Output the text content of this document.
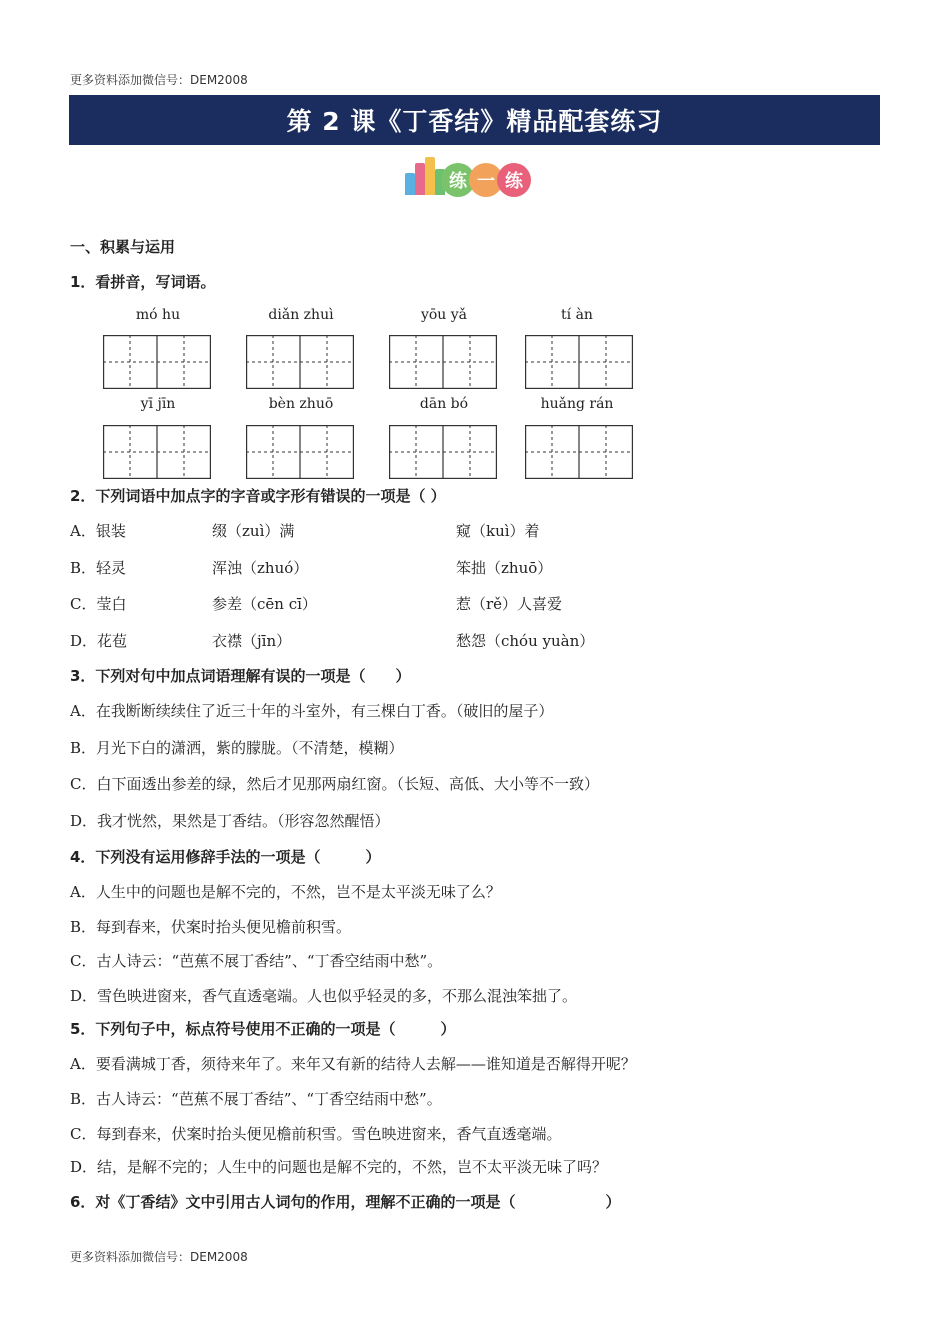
更多资料添加微信号：DEM2008
第 2 课《丁香结》精品配套练习
练 一 练
一、积累与运用
1．看拼音，写词语。
mó hu	diǎn zhuì	yōu yǎ	tí àn
yī jīn	bèn zhuō	dān bó	huǎng rán
2．下列词语中加点字的字音或字形有错误的一项是（ ）
A．银装	缀（zuì）满	窥（kuì）着
B．轻灵	浑浊（zhuó）	笨拙（zhuō）
C．莹白	参差（cēn cī）	惹（rě）人喜爱
D．花苞	衣襟（jīn）	愁怨（chóu yuàn）
3．下列对句中加点词语理解有误的一项是（　　）
A．在我断断续续住了近三十年的斗室外，有三棵白丁香。（破旧的屋子）
B．月光下白的潇洒，紫的朦胧。（不清楚，模糊）
C．白下面透出参差的绿，然后才见那两扇红窗。（长短、高低、大小等不一致）
D．我才恍然，果然是丁香结。（形容忽然醒悟）
4．下列没有运用修辞手法的一项是（　　　）
A．人生中的问题也是解不完的，不然，岂不是太平淡无味了么？
B．每到春来，伏案时抬头便见檐前积雪。
C．古人诗云：“芭蕉不展丁香结”、“丁香空结雨中愁”。
D．雪色映进窗来，香气直透毫端。人也似乎轻灵的多，不那么混浊笨拙了。
5．下列句子中，标点符号使用不正确的一项是（　　　）
A．要看满城丁香，须待来年了。来年又有新的结待人去解——谁知道是否解得开呢？
B．古人诗云：“芭蕉不展丁香结”、“丁香空结雨中愁”。
C．每到春来，伏案时抬头便见檐前积雪。雪色映进窗来，香气直透毫端。
D．结，是解不完的；人生中的问题也是解不完的，不然，岂不太平淡无味了吗？
6．对《丁香结》文中引用古人词句的作用，理解不正确的一项是（　　　　　　）
更多资料添加微信号：DEM2008
